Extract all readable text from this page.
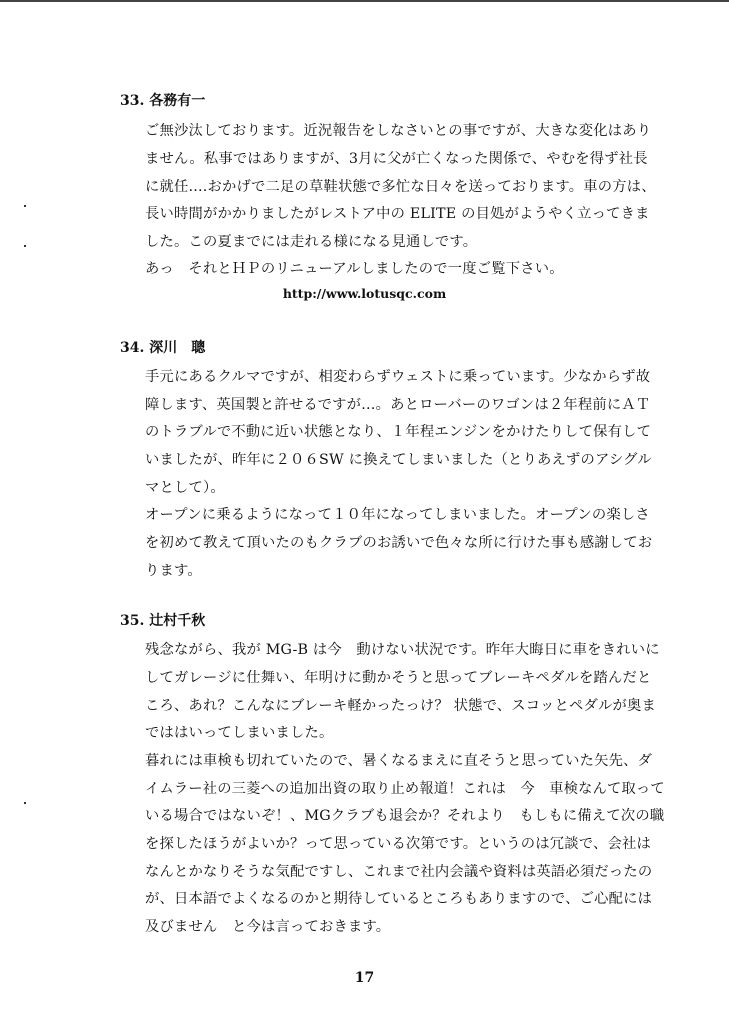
33. 各務有一
ご無沙汰しております。近況報告をしなさいとの事ですが、大きな変化はあり
ません。私事ではありますが、3月に父が亡くなった関係で、やむを得ず社長
に就任....おかげで二足の草鞋状態で多忙な日々を送っております。車の方は、
長い時間がかかりましたがレストア中の ELITE の目処がようやく立ってきま
した。この夏までには走れる様になる見通しです。
あっ　それとＨＰのリニューアルしましたので一度ご覧下さい。
http://www.lotusqc.com
34. 深川　聰
手元にあるクルマですが、相変わらずウェストに乗っています。少なからず故
障します、英国製と許せるですが…。あとローバーのワゴンは２年程前にＡＴ
のトラブルで不動に近い状態となり、１年程エンジンをかけたりして保有して
いましたが、昨年に２０６SW に換えてしまいました（とりあえずのアシグル
マとして）。
オープンに乗るようになって１０年になってしまいました。オープンの楽しさ
を初めて教えて頂いたのもクラブのお誘いで色々な所に行けた事も感謝してお
ります。
35. 辻村千秋
残念ながら、我が MG-B は今　動けない状況です。昨年大晦日に車をきれいに
してガレージに仕舞い、年明けに動かそうと思ってブレーキペダルを踏んだと
ころ、あれ？こんなにブレーキ軽かったっけ？ 状態で、スコッとペダルが奥ま
でははいってしまいました。
暮れには車検も切れていたので、暑くなるまえに直そうと思っていた矢先、ダ
イムラー社の三菱への追加出資の取り止め報道！これは　今　車検なんて取って
いる場合ではないぞ！、MGクラブも退会か？それより　もしもに備えて次の職
を探したほうがよいか？って思っている次第です。というのは冗談で、会社は
なんとかなりそうな気配ですし、これまで社内会議や資料は英語必須だったの
が、日本語でよくなるのかと期待しているところもありますので、ご心配には
及びません　と今は言っておきます。
17
